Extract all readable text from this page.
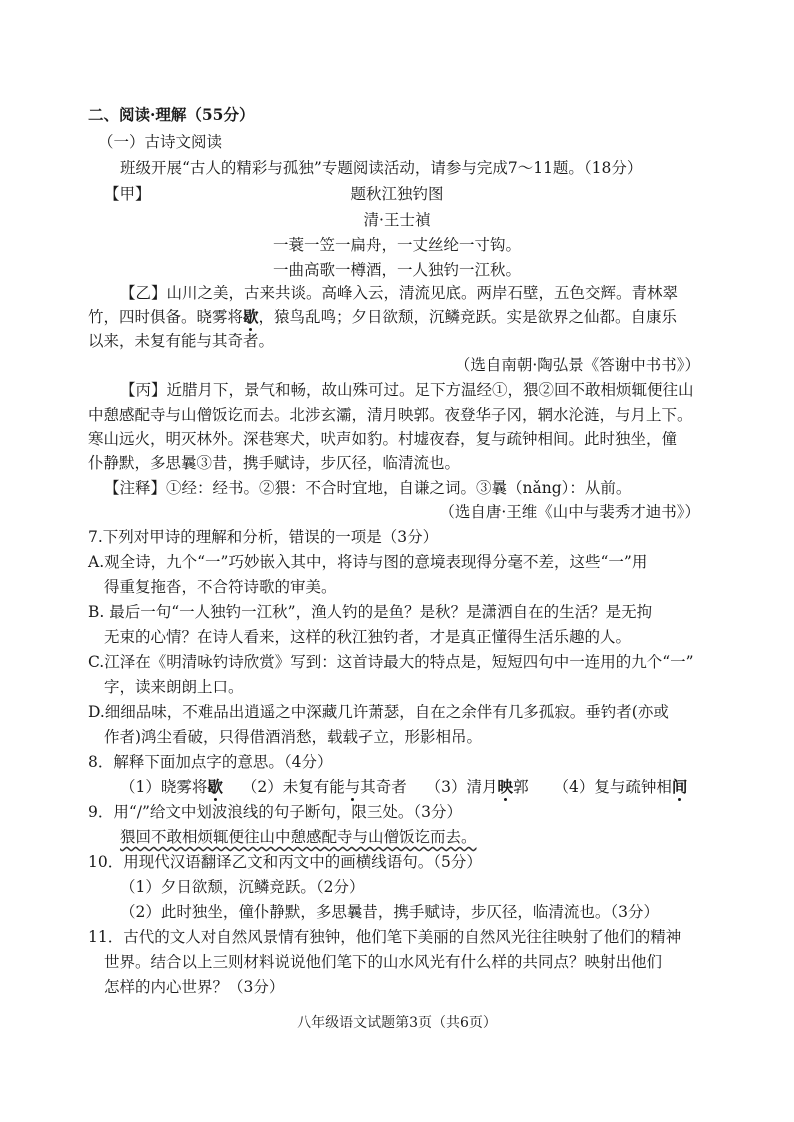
二、阅读·理解（55分）
（一）古诗文阅读
班级开展“古人的精彩与孤独”专题阅读活动，请参与完成7～11题。（18分）
【甲】	题秋江独钓图
清·王士禎
一蓑一笠一扁舟，一丈丝纶一寸钩。
一曲高歌一樽酒，一人独钓一江秋。
【乙】山川之美，古来共谈。高峰入云，清流见底。两岸石壁，五色交辉。青林翠
竹，四时俱备。晓雾将歇，猿鸟乱鸣；夕日欲颓，沉鳞竞跃。实是欲界之仙都。自康乐
以来，未复有能与其奇者。
（选自南朝·陶弘景《答谢中书书》）
【丙】近腊月下，景气和畅，故山殊可过。足下方温经①，猥②回不敢相烦辄便往山
中憩感配寺与山僧饭讫而去。北涉玄灞，清月映郭。夜登华子冈，辋水沦涟，与月上下。
寒山远火，明灭林外。深巷寒犬，吠声如豹。村墟夜舂，复与疏钟相间。此时独坐，僮
仆静默，多思曩③昔，携手赋诗，步仄径，临清流也。
【注释】①经：经书。②猥：不合时宜地，自谦之词。③曩（nǎng）：从前。
（选自唐·王维《山中与裴秀才迪书》）
7.下列对甲诗的理解和分析，错误的一项是（3分）
A.观全诗，九个“一”巧妙嵌入其中，将诗与图的意境表现得分毫不差，这些“一”用
得重复拖沓，不合符诗歌的审美。
B. 最后一句“一人独钓一江秋”，渔人钓的是鱼？是秋？是潇洒自在的生活？是无拘
无束的心情？在诗人看来，这样的秋江独钓者，才是真正懂得生活乐趣的人。
C.江泽在《明清咏钓诗欣赏》写到：这首诗最大的特点是，短短四句中一连用的九个“一”
字，读来朗朗上口。
D.细细品味，不难品出逍遥之中深藏几许萧瑟，自在之余伴有几多孤寂。垂钓者(亦或
作者)鸿尘看破，只得借酒消愁，载载孑立，形影相吊。
8．解释下面加点字的意思。（4分）
（1）晓雾将歇 （2）未复有能与其奇者 （3）清月映郭 （4）复与疏钟相间
9．用“/”给文中划波浪线的句子断句，限三处。（3分）
猥回不敢相烦辄便往山中憩感配寺与山僧饭讫而去。
10．用现代汉语翻译乙文和丙文中的画横线语句。（5分）
（1）夕日欲颓，沉鳞竞跃。（2分）
（2）此时独坐，僮仆静默，多思曩昔，携手赋诗，步仄径，临清流也。（3分）
11．古代的文人对自然风景情有独钟，他们笔下美丽的自然风光往往映射了他们的精神
世界。结合以上三则材料说说他们笔下的山水风光有什么样的共同点？映射出他们
怎样的内心世界？（3分）
八年级语文试题第3页（共6页）
